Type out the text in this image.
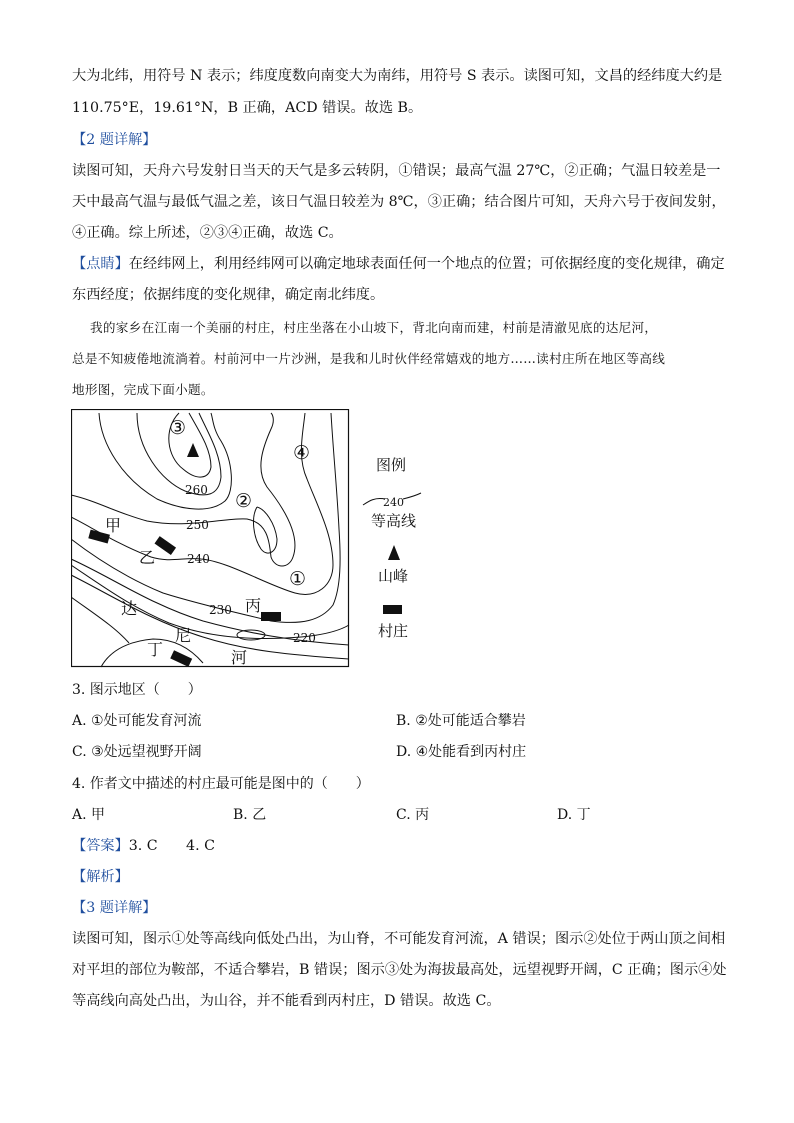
大为北纬，用符号 N 表示；纬度度数向南变大为南纬，用符号 S 表示。读图可知，文昌的经纬度大约是
110.75°E，19.61°N，B 正确，ACD 错误。故选 B。
【2 题详解】
读图可知，天舟六号发射日当天的天气是多云转阴，①错误；最高气温 27℃，②正确；气温日较差是一
天中最高气温与最低气温之差，该日气温日较差为 8℃，③正确；结合图片可知，天舟六号于夜间发射，
④正确。综上所述，②③④正确，故选 C。
【点睛】在经纬网上，利用经纬网可以确定地球表面任何一个地点的位置；可依据经度的变化规律，确定
东西经度；依据纬度的变化规律，确定南北纬度。
我的家乡在江南一个美丽的村庄，村庄坐落在小山坡下，背北向南而建，村前是清澈见底的达尼河，
总是不知疲倦地流淌着。村前河中一片沙洲，是我和儿时伙伴经常嬉戏的地方……读村庄所在地区等高线
地形图，完成下面小题。
260
250
240
230
220
①
②
③
④
甲
乙
丙
丁
达
尼
河
图例
240
等高线
山峰
村庄
3. 图示地区（　　）
A. ①处可能发育河流	B. ②处可能适合攀岩
C. ③处远望视野开阔	D. ④处能看到丙村庄
4. 作者文中描述的村庄最可能是图中的（　　）
A. 甲	B. 乙	C. 丙	D. 丁
【答案】3. C　　4. C
【解析】
【3 题详解】
读图可知，图示①处等高线向低处凸出，为山脊，不可能发育河流，A 错误；图示②处位于两山顶之间相
对平坦的部位为鞍部，不适合攀岩，B 错误；图示③处为海拔最高处，远望视野开阔，C 正确；图示④处
等高线向高处凸出，为山谷，并不能看到丙村庄，D 错误。故选 C。
